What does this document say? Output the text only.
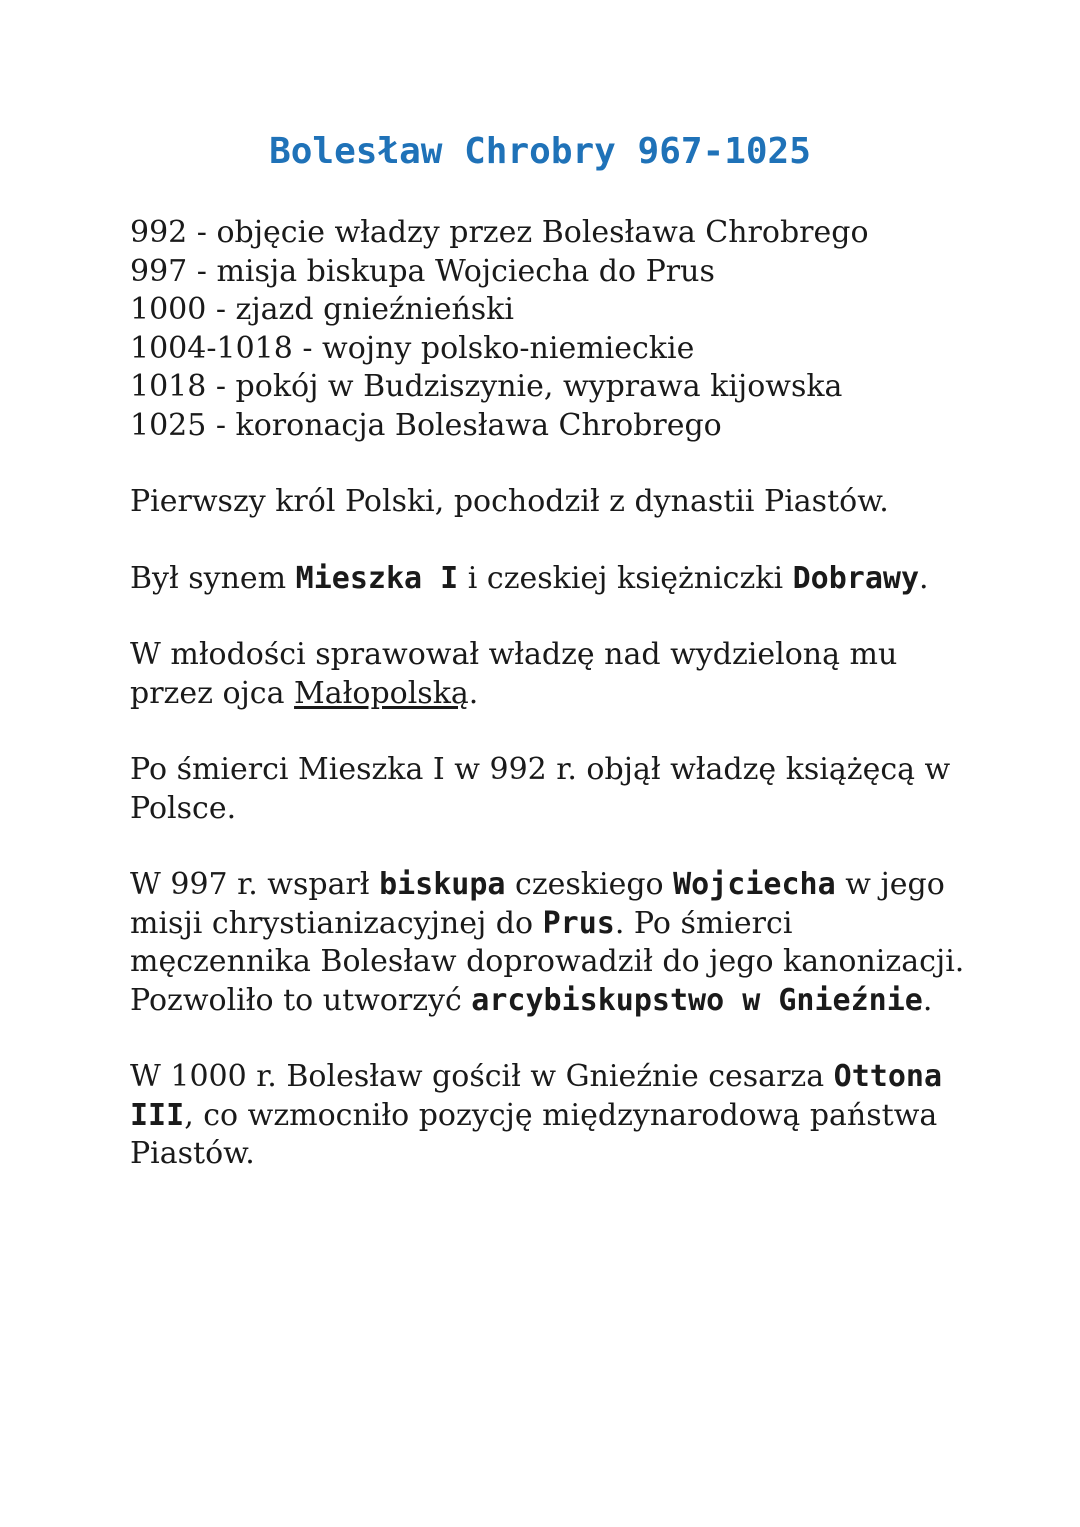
Bolesław Chrobry 967-1025
992 - objęcie władzy przez Bolesława Chrobrego
997 - misja biskupa Wojciecha do Prus
1000 - zjazd gnieźnieński
1004-1018 - wojny polsko-niemieckie
1018 - pokój w Budziszynie, wyprawa kijowska
1025 - koronacja Bolesława Chrobrego

Pierwszy król Polski, pochodził z dynastii Piastów.

Był synem Mieszka I i czeskiej księżniczki Dobrawy.

W młodości sprawował władzę nad wydzieloną mu przez ojca Małopolską.

Po śmierci Mieszka I w 992 r. objął władzę książęcą w Polsce.

W 997 r. wsparł biskupa czeskiego Wojciecha w jego misji chrystianizacyjnej do Prus. Po śmierci męczennika Bolesław doprowadził do jego kanonizacji. Pozwoliło to utworzyć arcybiskupstwo w Gnieźnie.

W 1000 r. Bolesław gościł w Gnieźnie cesarza Ottona III, co wzmocniło pozycję międzynarodową państwa Piastów.
